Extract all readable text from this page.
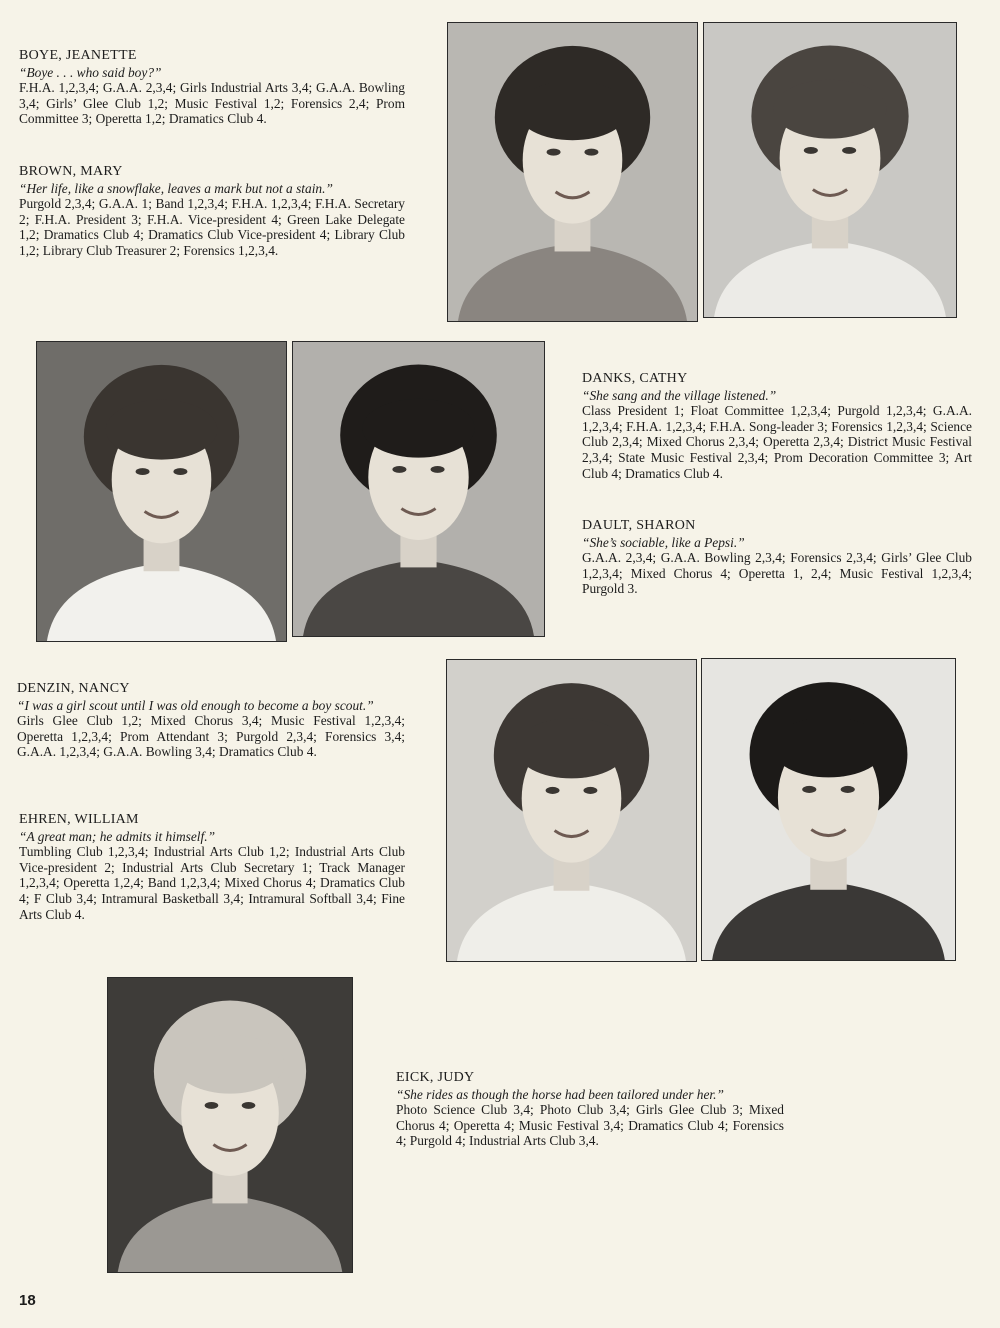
BOYE, JEANETTE
“Boye . . . who said boy?”
F.H.A. 1,2,3,4; G.A.A. 2,3,4; Girls Industrial Arts 3,4; G.A.A. Bowling 3,4; Girls’ Glee Club 1,2; Music Festival 1,2; Forensics 2,4; Prom Committee 3; Operetta 1,2; Dramatics Club 4.
BROWN, MARY
“Her life, like a snowflake, leaves a mark but not a stain.”
Purgold 2,3,4; G.A.A. 1; Band 1,2,3,4; F.H.A. 1,2,3,4; F.H.A. Secretary 2; F.H.A. President 3; F.H.A. Vice-president 4; Green Lake Delegate 1,2; Dramatics Club 4; Dramatics Club Vice-president 4; Library Club 1,2; Library Club Treasurer 2; Forensics 1,2,3,4.
DANKS, CATHY
“She sang and the village listened.”
Class President 1; Float Committee 1,2,3,4; Purgold 1,2,3,4; G.A.A. 1,2,3,4; F.H.A. 1,2,3,4; F.H.A. Song-leader 3; Forensics 1,2,3,4; Science Club 2,3,4; Mixed Chorus 2,3,4; Operetta 2,3,4; District Music Festival 2,3,4; State Music Festival 2,3,4; Prom Decoration Committee 3; Art Club 4; Dramatics Club 4.
DAULT, SHARON
“She’s sociable, like a Pepsi.”
G.A.A. 2,3,4; G.A.A. Bowling 2,3,4; Forensics 2,3,4; Girls’ Glee Club 1,2,3,4; Mixed Chorus 4; Operetta 1, 2,4; Music Festival 1,2,3,4; Purgold 3.
DENZIN, NANCY
“I was a girl scout until I was old enough to become a boy scout.”
Girls Glee Club 1,2; Mixed Chorus 3,4; Music Festival 1,2,3,4; Operetta 1,2,3,4; Prom Attendant 3; Purgold 2,3,4; Forensics 3,4; G.A.A. 1,2,3,4; G.A.A. Bowling 3,4; Dramatics Club 4.
EHREN, WILLIAM
“A great man; he admits it himself.”
Tumbling Club 1,2,3,4; Industrial Arts Club 1,2; Industrial Arts Club Vice-president 2; Industrial Arts Club Secretary 1; Track Manager 1,2,3,4; Operetta 1,2,4; Band 1,2,3,4; Mixed Chorus 4; Dramatics Club 4; F Club 3,4; Intramural Basketball 3,4; Intramural Softball 3,4; Fine Arts Club 4.
EICK, JUDY
“She rides as though the horse had been tailored under her.”
Photo Science Club 3,4; Photo Club 3,4; Girls Glee Club 3; Mixed Chorus 4; Operetta 4; Music Festival 3,4; Dramatics Club 4; Forensics 4; Purgold 4; Industrial Arts Club 3,4.
18
